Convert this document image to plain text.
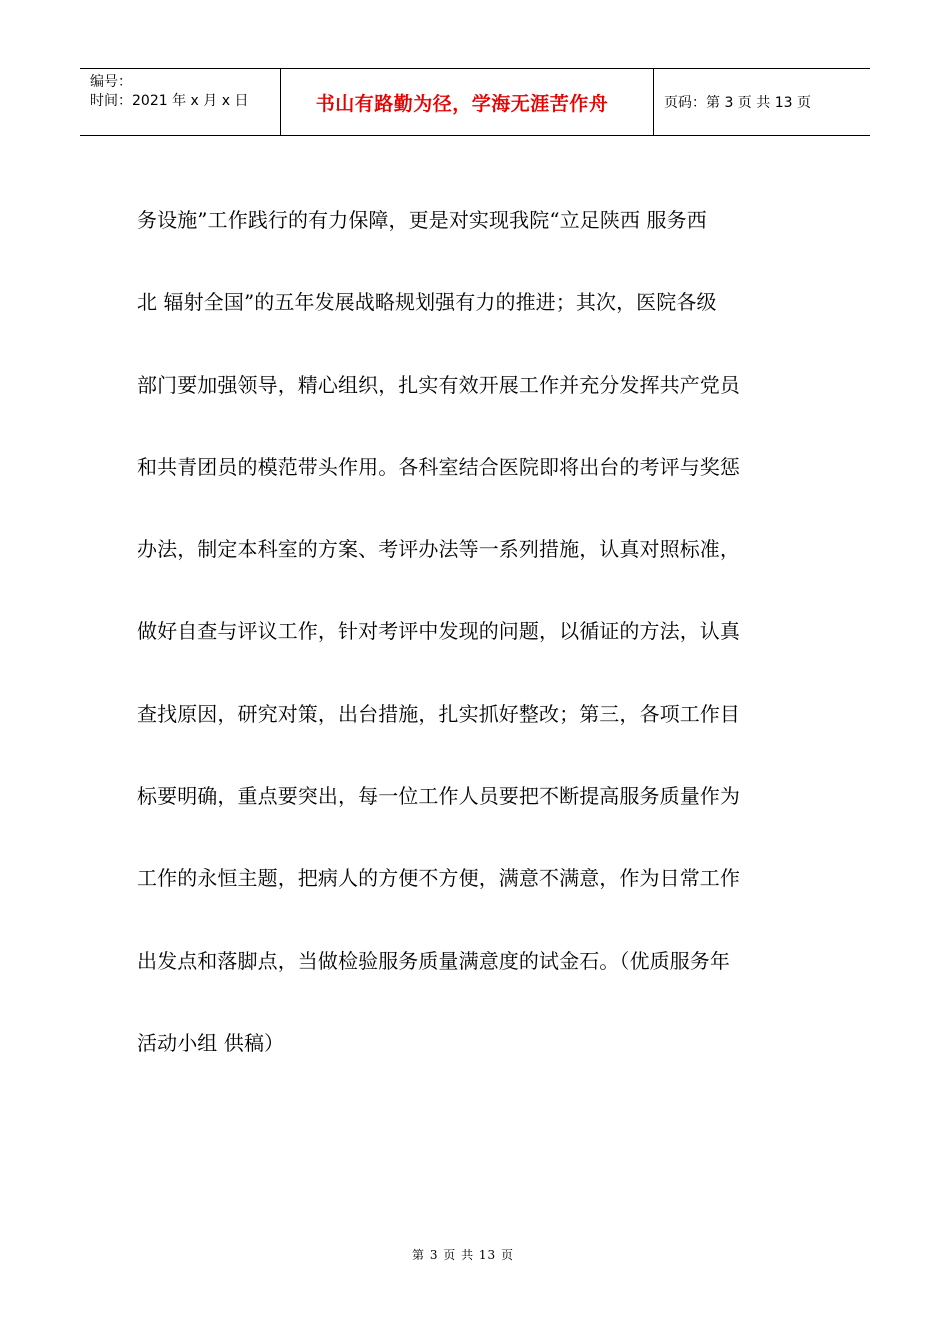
编号：
时间：2021 年 x 月 x 日	书山有路勤为径，学海无涯苦作舟	页码：第 3 页 共 13 页
务设施”工作践行的有力保障，更是对实现我院“立足陕西 服务西
北 辐射全国”的五年发展战略规划强有力的推进；其次，医院各级
部门要加强领导，精心组织，扎实有效开展工作并充分发挥共产党员
和共青团员的模范带头作用。各科室结合医院即将出台的考评与奖惩
办法，制定本科室的方案、考评办法等一系列措施，认真对照标准，
做好自查与评议工作，针对考评中发现的问题，以循证的方法，认真
查找原因，研究对策，出台措施，扎实抓好整改；第三，各项工作目
标要明确，重点要突出，每一位工作人员要把不断提高服务质量作为
工作的永恒主题，把病人的方便不方便，满意不满意，作为日常工作
出发点和落脚点，当做检验服务质量满意度的试金石。（优质服务年
活动小组 供稿）
第 3 页 共 13 页
